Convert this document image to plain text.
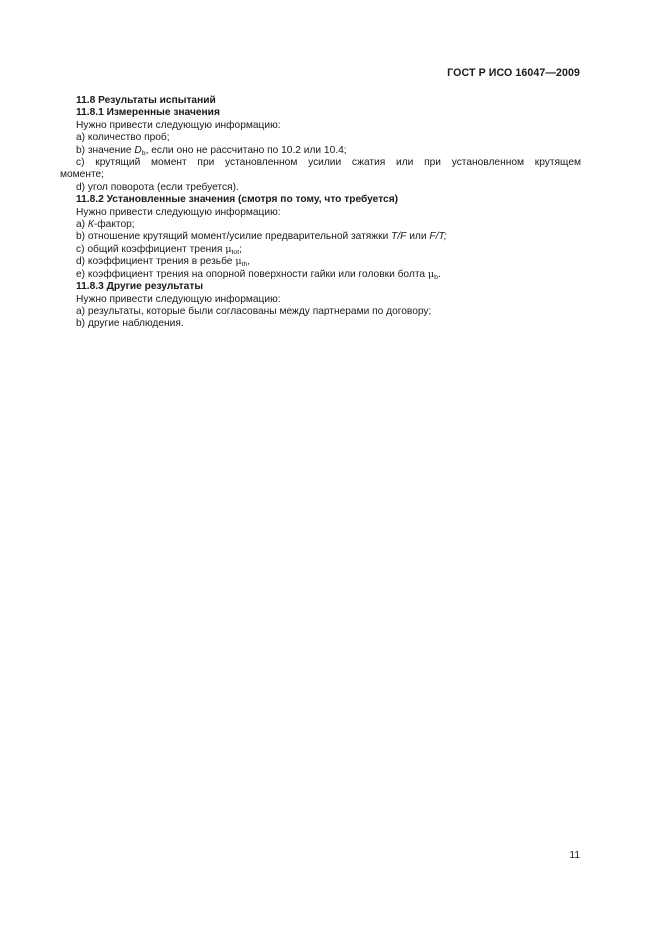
ГОСТ Р ИСО 16047—2009
11.8 Результаты испытаний
11.8.1 Измеренные значения
Нужно привести следующую информацию:
а) количество проб;
b) значение $D_b$, если оно не рассчитано по 10.2 или 10.4;
с) крутящий момент при установленном усилии сжатия или при установленном крутящем
моменте;
d) угол поворота (если требуется).
11.8.2 Установленные значения (смотря по тому, что требуется)
Нужно привести следующую информацию:
а) К-фактор;
b) отношение крутящий момент/усилие предварительной затяжки T/F или F/T;
с) общий коэффициент трения $\mu_{tot}$;
d) коэффициент трения в резьбе $\mu_{th}$,
е) коэффициент трения на опорной поверхности гайки или головки болта $\mu_b$.
11.8.3 Другие результаты
Нужно привести следующую информацию:
а) результаты, которые были согласованы между партнерами по договору;
b) другие наблюдения.
11
